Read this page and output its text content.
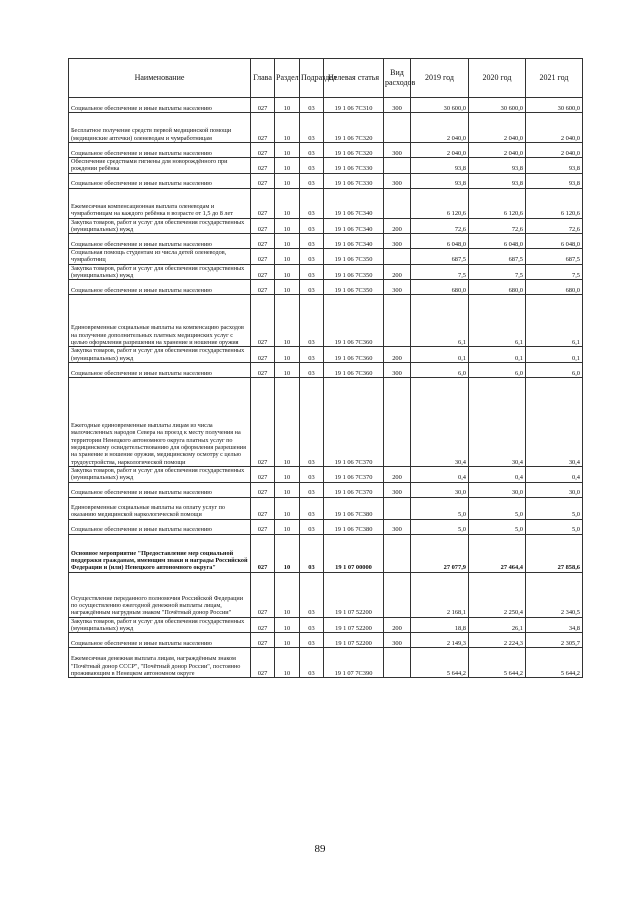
Наименование	Глава	Раздел	Подраздел	Целевая статья	Вид расходов	2019 год	2020 год	2021 год
Социальное обеспечение и иные выплаты населению	027	10	03	19 1 06 7С310	300	30 600,0	30 600,0	30 600,0
Бесплатное получение средств первой медицинской помощи (медицинские аптечки) оленеводам и чумработницам	027	10	03	19 1 06 7С320		2 040,0	2 040,0	2 040,0
Социальное обеспечение и иные выплаты населению	027	10	03	19 1 06 7С320	300	2 040,0	2 040,0	2 040,0
Обеспечение средствами гигиены для новорождённого при рождении ребёнка	027	10	03	19 1 06 7С330		93,8	93,8	93,8
Социальное обеспечение и иные выплаты населению	027	10	03	19 1 06 7С330	300	93,8	93,8	93,8
Ежемесячная компенсационная выплата оленеводам и чумработницам на каждого ребёнка в возрасте от 1,5 до 8 лет	027	10	03	19 1 06 7С340		6 120,6	6 120,6	6 120,6
Закупка товаров, работ и услуг для обеспечения государственных (муниципальных) нужд	027	10	03	19 1 06 7С340	200	72,6	72,6	72,6
Социальное обеспечение и иные выплаты населению	027	10	03	19 1 06 7С340	300	6 048,0	6 048,0	6 048,0
Социальная помощь студентам из числа детей оленеводов, чумработниц	027	10	03	19 1 06 7С350		687,5	687,5	687,5
Закупка товаров, работ и услуг для обеспечения государственных (муниципальных) нужд	027	10	03	19 1 06 7С350	200	7,5	7,5	7,5
Социальное обеспечение и иные выплаты населению	027	10	03	19 1 06 7С350	300	680,0	680,0	680,0
Единовременные социальные выплаты на компенсацию расходов на получение дополнительных платных медицинских услуг с целью оформления разрешения на хранение и ношение оружия	027	10	03	19 1 06 7С360		6,1	6,1	6,1
Закупка товаров, работ и услуг для обеспечения государственных (муниципальных) нужд	027	10	03	19 1 06 7С360	200	0,1	0,1	0,1
Социальное обеспечение и иные выплаты населению	027	10	03	19 1 06 7С360	300	6,0	6,0	6,0
Ежегодные единовременные выплаты лицам из числа малочисленных народов Севера на проезд к месту получения на территории Ненецкого автономного округа платных услуг по медицинскому освидетельствованию для оформления разрешения на хранение и ношение оружия, медицинскому осмотру с целью трудоустройства, наркологической помощи	027	10	03	19 1 06 7С370		30,4	30,4	30,4
Закупка товаров, работ и услуг для обеспечения государственных (муниципальных) нужд	027	10	03	19 1 06 7С370	200	0,4	0,4	0,4
Социальное обеспечение и иные выплаты населению	027	10	03	19 1 06 7С370	300	30,0	30,0	30,0
Единовременные социальные выплаты на оплату услуг по оказанию медицинской наркологической помощи	027	10	03	19 1 06 7С380		5,0	5,0	5,0
Социальное обеспечение и иные выплаты населению	027	10	03	19 1 06 7С380	300	5,0	5,0	5,0
Основное мероприятие "Предоставление мер социальной поддержки гражданам, имеющим знаки и награды Российской Федерации и (или) Ненецкого автономного округа"	027	10	03	19 1 07 00000		27 077,9	27 464,4	27 858,6
Осуществление переданного полномочия Российской Федерации по осуществлению ежегодной денежной выплаты лицам, награждённым нагрудным знаком "Почётный донор России"	027	10	03	19 1 07 52200		2 168,1	2 250,4	2 340,5
Закупка товаров, работ и услуг для обеспечения государственных (муниципальных) нужд	027	10	03	19 1 07 52200	200	18,8	26,1	34,8
Социальное обеспечение и иные выплаты населению	027	10	03	19 1 07 52200	300	2 149,3	2 224,3	2 305,7
Ежемесячная денежная выплата лицам, награждённым знаком "Почётный донор СССР", "Почётный донор России", постоянно проживающим в Ненецком автономном округе	027	10	03	19 1 07 7С390		5 644,2	5 644,2	5 644,2
89
